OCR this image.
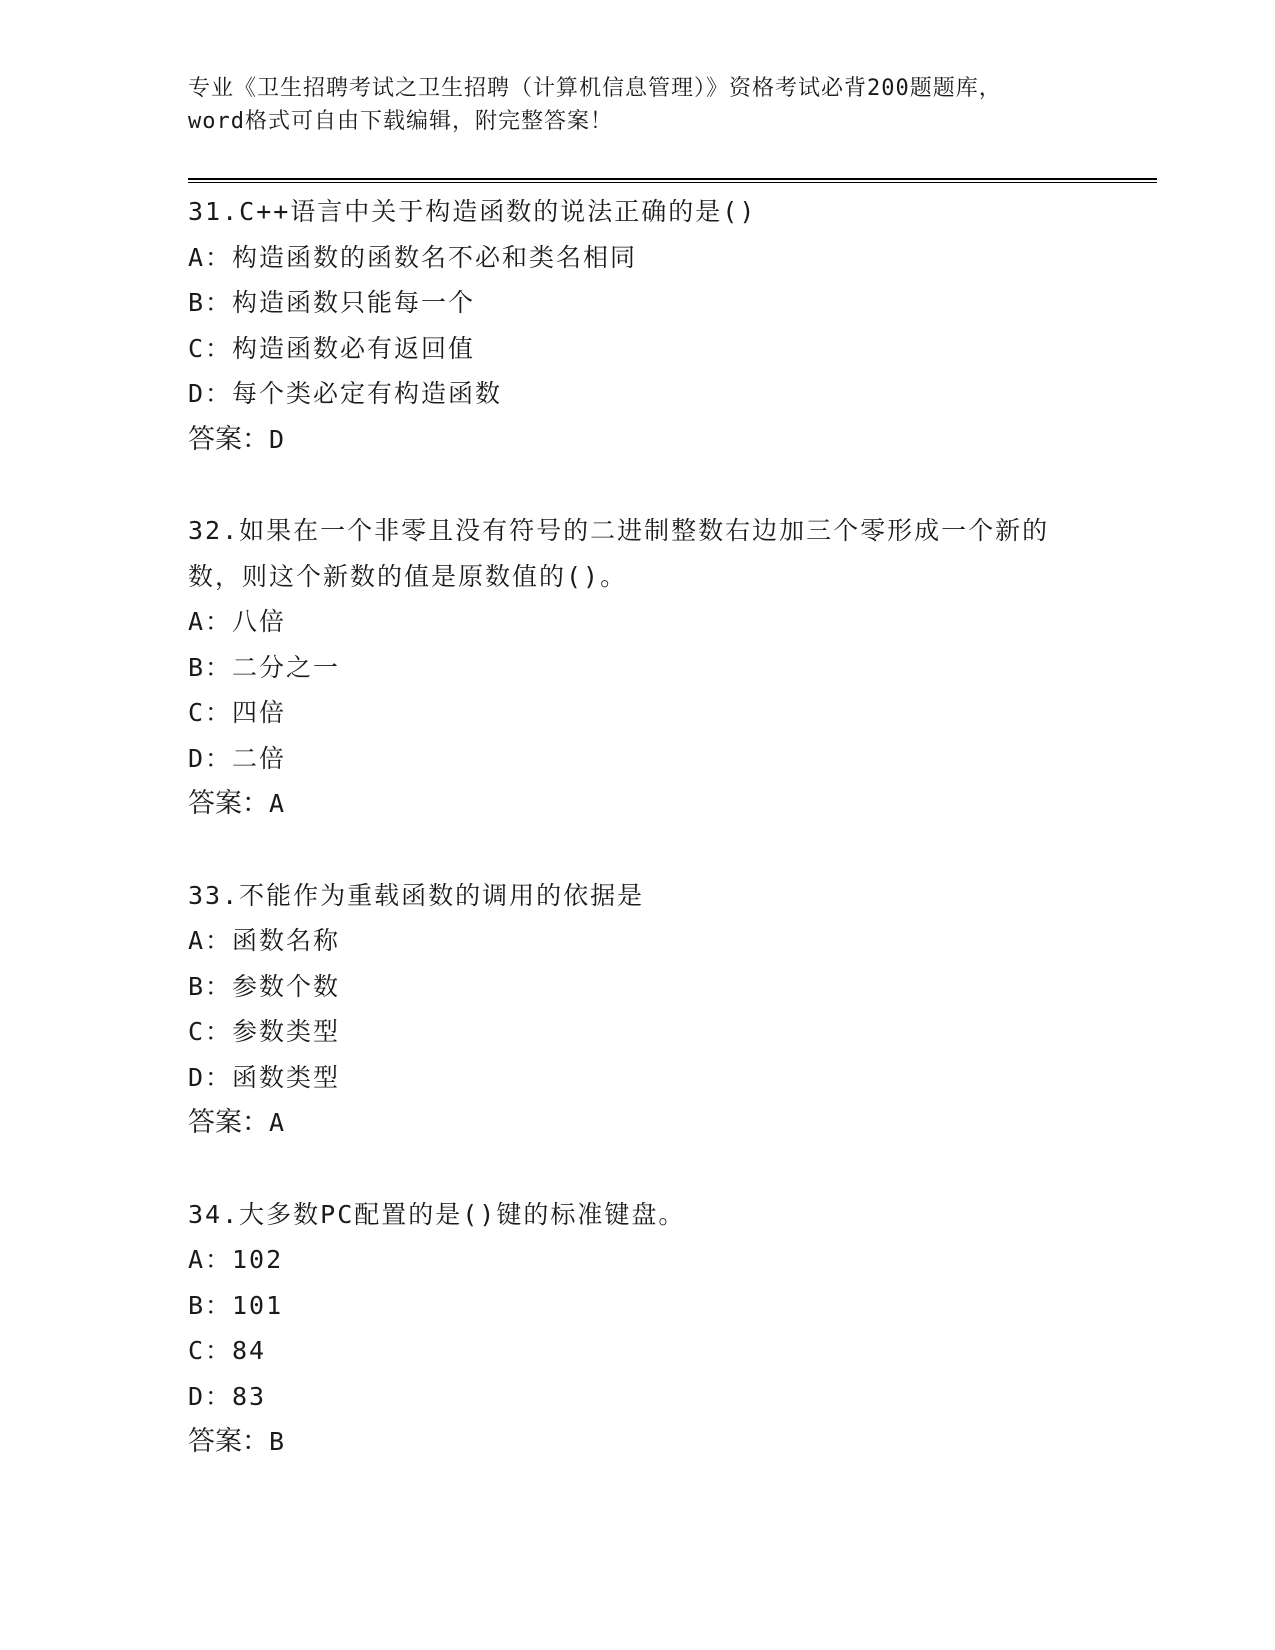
专业《卫生招聘考试之卫生招聘（计算机信息管理）》资格考试必背200题题库，
word格式可自由下载编辑，附完整答案！
31.C++语言中关于构造函数的说法正确的是()
A：构造函数的函数名不必和类名相同
B：构造函数只能每一个
C：构造函数必有返回值
D：每个类必定有构造函数
答案：D
32.如果在一个非零且没有符号的二进制整数右边加三个零形成一个新的数，则这个新数的值是原数值的()。
A：八倍
B：二分之一
C：四倍
D：二倍
答案：A
33.不能作为重载函数的调用的依据是
A：函数名称
B：参数个数
C：参数类型
D：函数类型
答案：A
34.大多数PC配置的是()键的标准键盘。
A：102
B：101
C：84
D：83
答案：B
